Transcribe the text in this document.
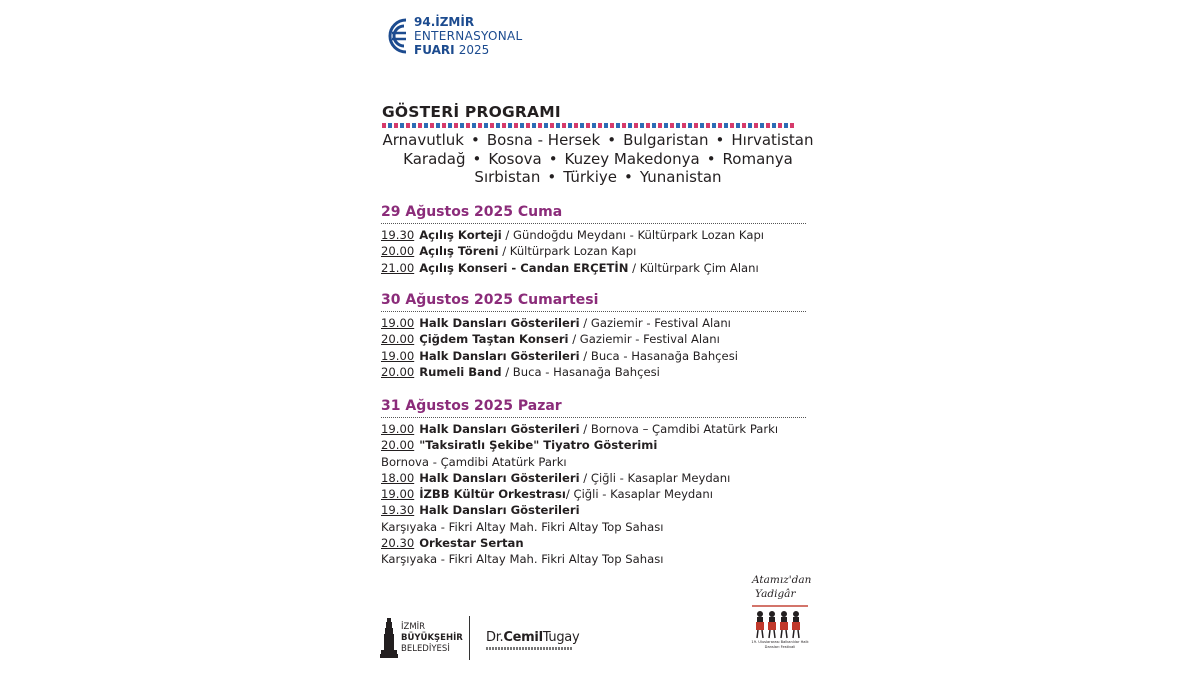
94.İZMİR
ENTERNASYONAL
FUARI 2025
GÖSTERİ PROGRAMI
Arnavutluk • Bosna - Hersek • Bulgaristan • Hırvatistan
Karadağ • Kosova • Kuzey Makedonya • Romanya
Sırbistan • Türkiye • Yunanistan
29 Ağustos 2025 Cuma
19.30 Açılış Korteji / Gündoğdu Meydanı - Kültürpark Lozan Kapı
20.00 Açılış Töreni / Kültürpark Lozan Kapı
21.00 Açılış Konseri - Candan ERÇETİN / Kültürpark Çim Alanı
30 Ağustos 2025 Cumartesi
19.00 Halk Dansları Gösterileri / Gaziemir - Festival Alanı
20.00 Çiğdem Taştan Konseri / Gaziemir - Festival Alanı
19.00 Halk Dansları Gösterileri / Buca - Hasanağa Bahçesi
20.00 Rumeli Band / Buca - Hasanağa Bahçesi
31 Ağustos 2025 Pazar
19.00 Halk Dansları Gösterileri / Bornova – Çamdibi Atatürk Parkı
20.00 "Taksiratlı Şekibe" Tiyatro Gösterimi
Bornova - Çamdibi Atatürk Parkı
18.00 Halk Dansları Gösterileri / Çiğli - Kasaplar Meydanı
19.00 İZBB Kültür Orkestrası/ Çiğli - Kasaplar Meydanı
19.30 Halk Dansları Gösterileri
Karşıyaka - Fikri Altay Mah. Fikri Altay Top Sahası
20.30 Orkestar Sertan
Karşıyaka - Fikri Altay Mah. Fikri Altay Top Sahası
İZMİR
BÜYÜKŞEHİR
BELEDİYESİ
Dr.CemilTugay
Atamız'dan
Yadigâr
19. Uluslararası Balkanlılar Halk Dansları Festivali
